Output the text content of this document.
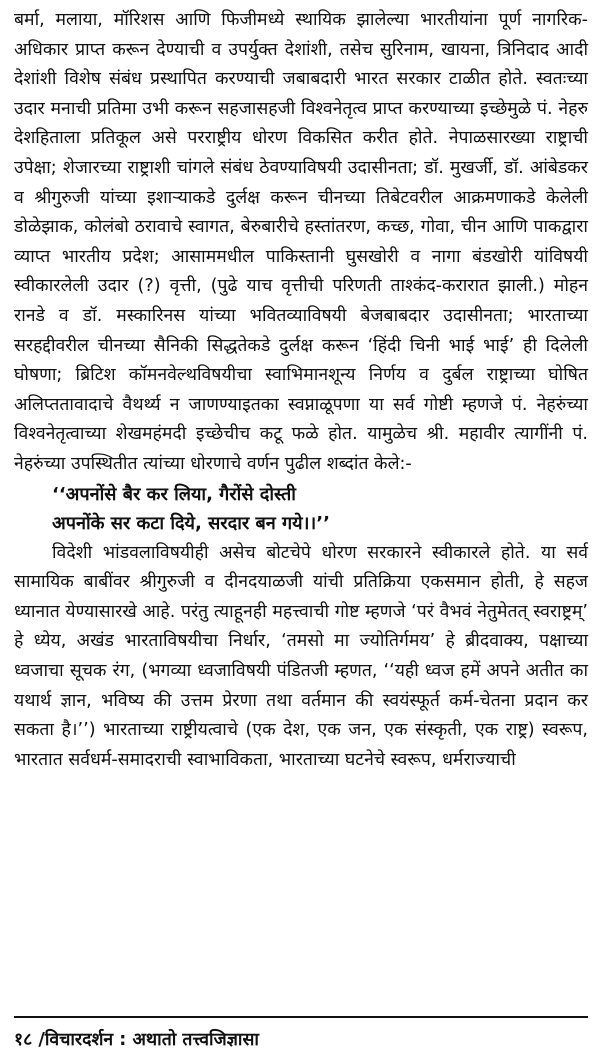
बर्मा, मलाया, मॉरिशस आणि फिजीमध्ये स्थायिक झालेल्या भारतीयांना पूर्ण नागरिक-अधिकार प्राप्त करून देण्याची व उपर्युक्त देशांशी, तसेच सुरिनाम, खायना, त्रिनिदाद आदी देशांशी विशेष संबंध प्रस्थापित करण्याची जबाबदारी भारत सरकार टाळीत होते. स्वतःच्या उदार मनाची प्रतिमा उभी करून सहजासहजी विश्वनेतृत्व प्राप्त करण्याच्या इच्छेमुळे पं. नेहरु देशहिताला प्रतिकूल असे परराष्ट्रीय धोरण विकसित करीत होते. नेपाळसारख्या राष्ट्राची उपेक्षा; शेजारच्या राष्ट्राशी चांगले संबंध ठेवण्याविषयी उदासीनता; डॉ. मुखर्जी, डॉ. आंबेडकर व श्रीगुरुजी यांच्या इशाऱ्याकडे दुर्लक्ष करून चीनच्या तिबेटवरील आक्रमणाकडे केलेली डोळेझाक, कोलंबो ठरावाचे स्वागत, बेरुबारीचे हस्तांतरण, कच्छ, गोवा, चीन आणि पाकद्वारा व्याप्त भारतीय प्रदेश; आसाममधील पाकिस्तानी घुसखोरी व नागा बंडखोरी यांविषयी स्वीकारलेली उदार (?) वृत्ती, (पुढे याच वृत्तीची परिणती ताश्कंद-करारात झाली.) मोहन रानडे व डॉ. मस्कारिनस यांच्या भवितव्याविषयी बेजबाबदार उदासीनता; भारताच्या सरहद्दीवरील चीनच्या सैनिकी सिद्धतेकडे दुर्लक्ष करून ‘हिंदी चिनी भाई भाई’ ही दिलेली घोषणा; ब्रिटिश कॉमनवेल्थविषयीचा स्वाभिमानशून्य निर्णय व दुर्बल राष्ट्राच्या घोषित अलिप्ततावादाचे वैथर्थ्य न जाणण्याइतका स्वप्नाळूपणा या सर्व गोष्टी म्हणजे पं. नेहरुंच्या विश्वनेतृत्वाच्या शेखमहंमदी इच्छेचीच कटू फळे होत. यामुळेच श्री. महावीर त्यागींनी पं. नेहरुंच्या उपस्थितीत त्यांच्या धोरणाचे वर्णन पुढील शब्दांत केले:-

‘‘अपनोंसे बैर कर लिया, गैरोंसे दोस्ती

अपनोंके सर कटा दिये, सरदार बन गये।।’’

विदेशी भांडवलाविषयीही असेच बोटचेपे धोरण सरकारने स्वीकारले होते. या सर्व सामायिक बाबींवर श्रीगुरुजी व दीनदयाळजी यांची प्रतिक्रिया एकसमान होती, हे सहज ध्यानात येण्यासारखे आहे. परंतु त्याहूनही महत्त्वाची गोष्ट म्हणजे ‘परं वैभवं नेतुमेतत् स्वराष्ट्रम्’ हे ध्येय, अखंड भारताविषयीचा निर्धार, ‘तमसो मा ज्योतिर्गमय’ हे ब्रीदवाक्य, पक्षाच्या ध्वजाचा सूचक रंग, (भगव्या ध्वजाविषयी पंडितजी म्हणत, ‘‘यही ध्वज हमें अपने अतीत का यथार्थ ज्ञान, भविष्य की उत्तम प्रेरणा तथा वर्तमान की स्वयंस्फूर्त कर्म-चेतना प्रदान कर सकता है।’’) भारताच्या राष्ट्रीयत्वाचे (एक देश, एक जन, एक संस्कृती, एक राष्ट्र) स्वरूप, भारतात सर्वधर्म-समादराची स्वाभाविकता, भारताच्या घटनेचे स्वरूप, धर्मराज्याची

१८ /विचारदर्शन : अथातो तत्त्वजिज्ञासा
